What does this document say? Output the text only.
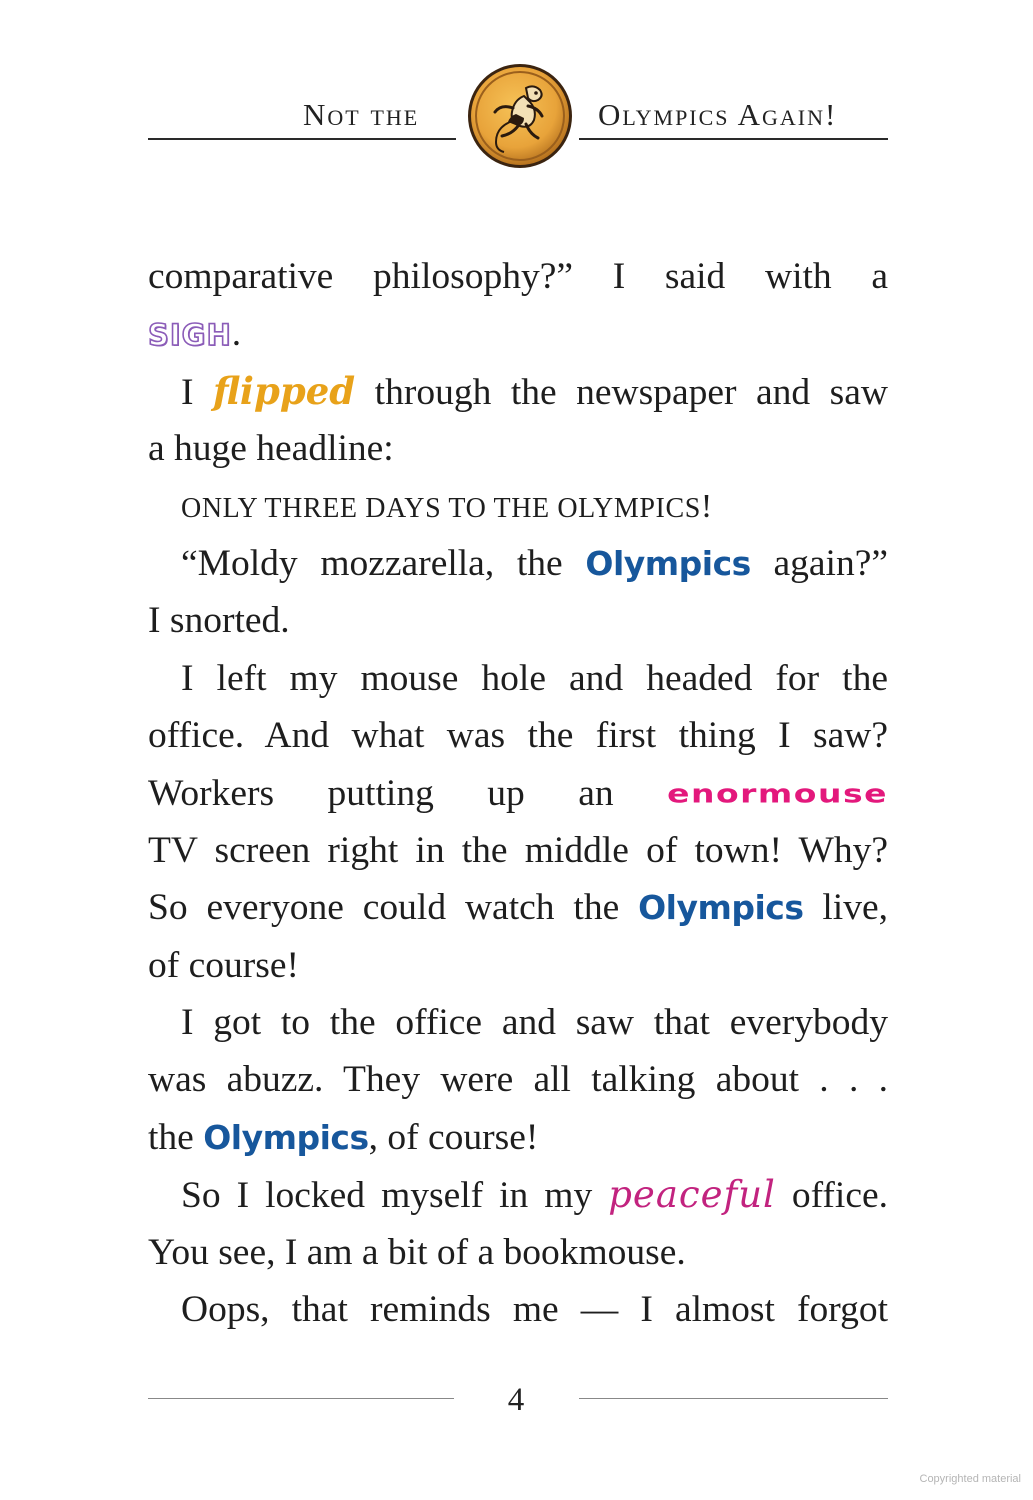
Not the	Olympics Again!
comparative philosophy?” I said with a
SIGH.
I flipped through the newspaper and saw
a huge headline:
ONLY THREE DAYS TO THE OLYMPICS!
“Moldy mozzarella, the Olympics again?”
I snorted.
I left my mouse hole and headed for the
office. And what was the first thing I saw?
Workers putting up an enormouse
TV screen right in the middle of town! Why?
So everyone could watch the Olympics live,
of course!
I got to the office and saw that everybody
was abuzz. They were all talking about . . .
the Olympics, of course!
So I locked myself in my peaceful office.
You see, I am a bit of a bookmouse.
Oops, that reminds me — I almost forgot
4
Copyrighted material
